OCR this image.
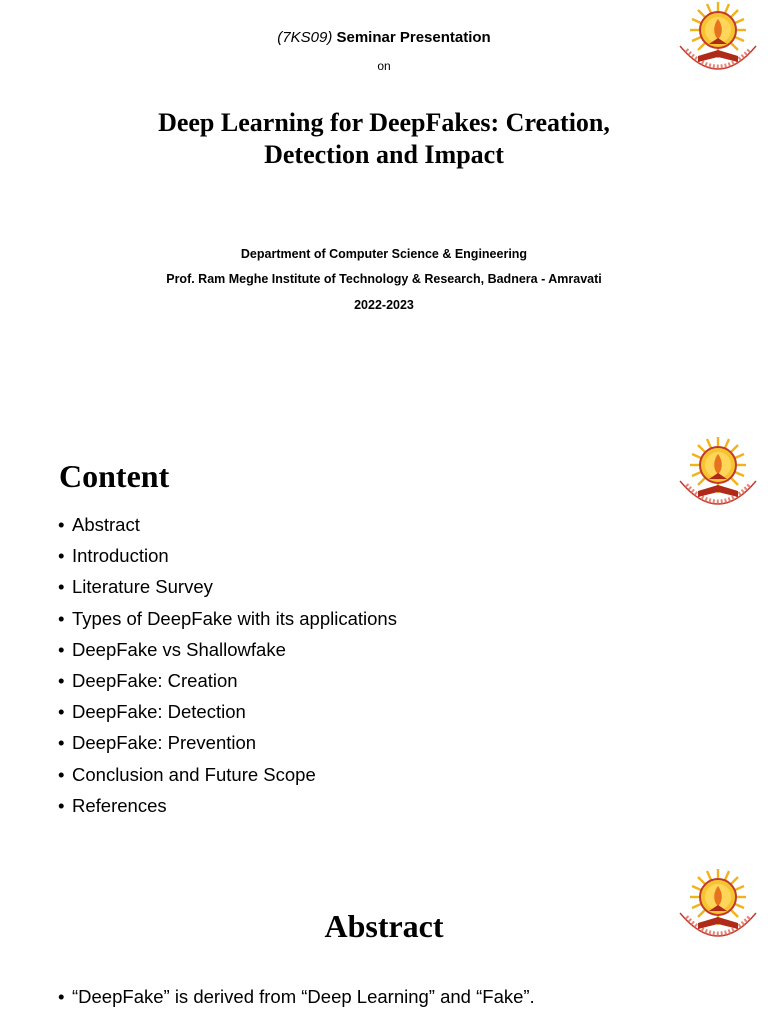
(7KS09) Seminar Presentation
on
Deep Learning for DeepFakes: Creation,
Detection and Impact
Department of Computer Science & Engineering
Prof. Ram Meghe Institute of Technology & Research, Badnera - Amravati
2022-2023
Content
• Abstract
• Introduction
• Literature Survey
• Types of DeepFake with its applications
• DeepFake vs Shallowfake
• DeepFake: Creation
• DeepFake: Detection
• DeepFake: Prevention
• Conclusion and Future Scope
• References
Abstract
• “DeepFake” is derived from “Deep Learning” and “Fake”.
